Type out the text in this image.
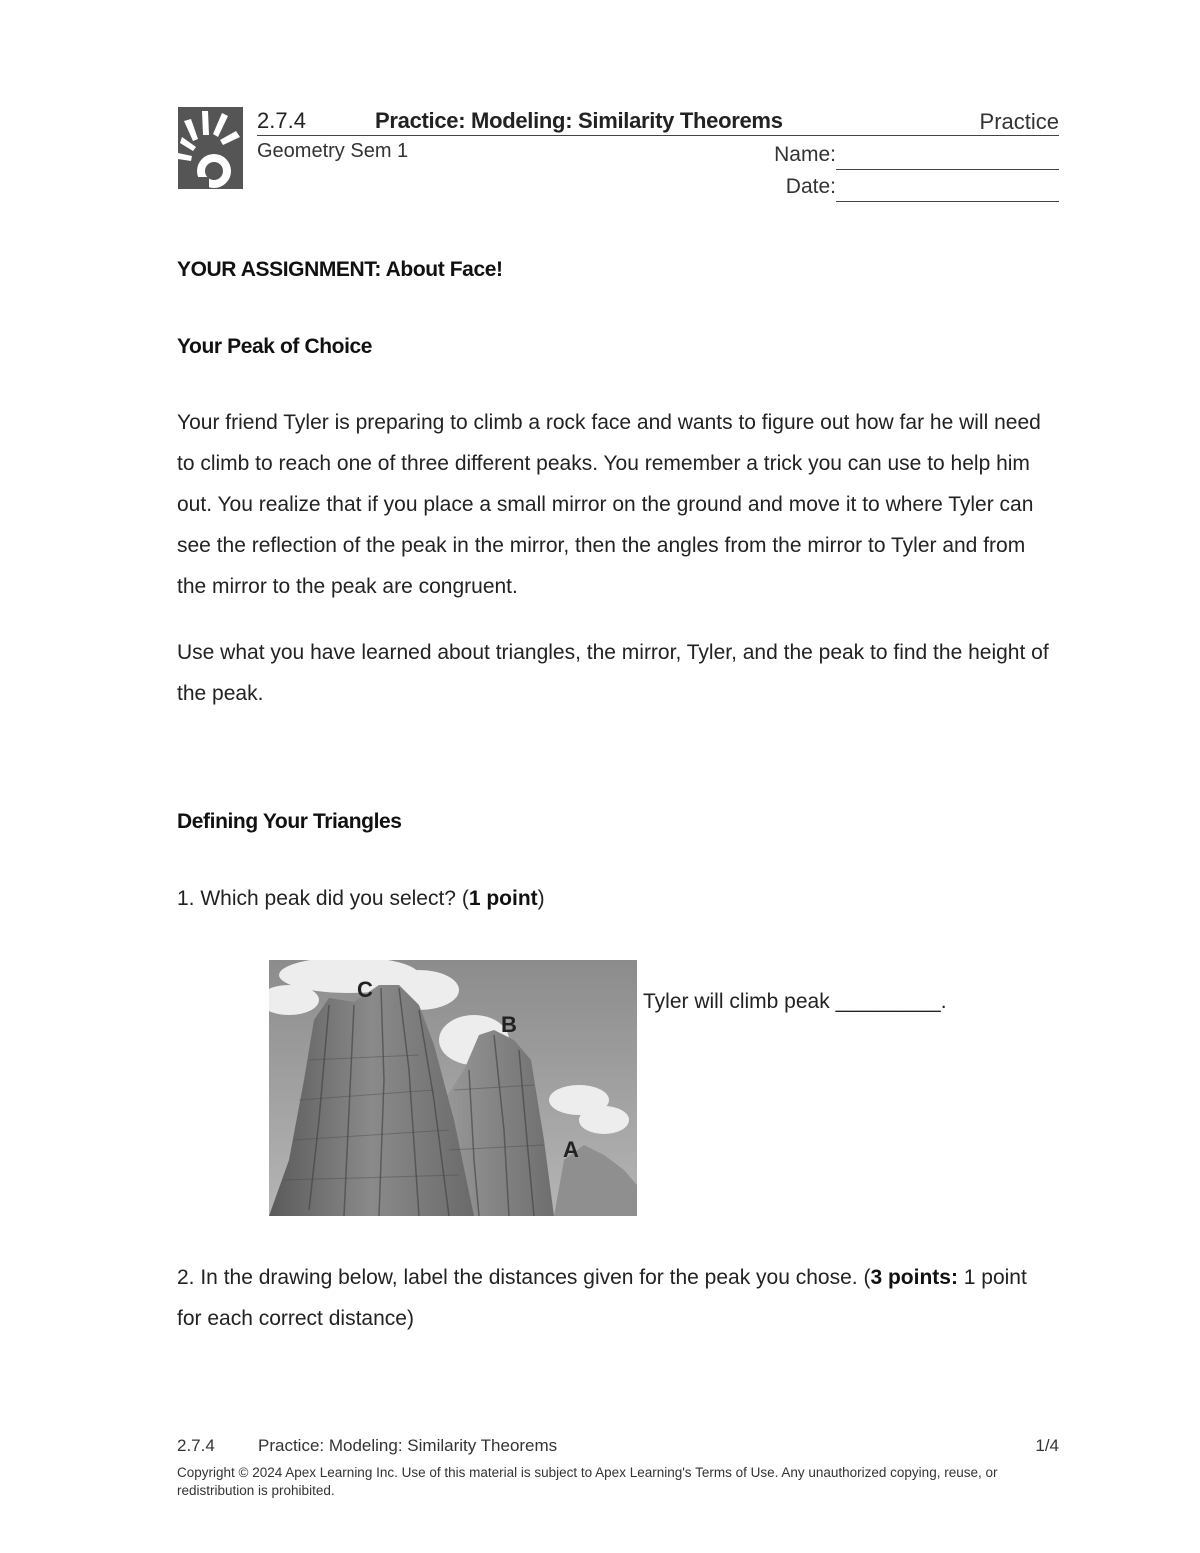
2.7.4	Practice: Modeling: Similarity Theorems	Practice
Geometry Sem 1	Name:
Date:
YOUR ASSIGNMENT: About Face!
Your Peak of Choice
Your friend Tyler is preparing to climb a rock face and wants to figure out how far he will need to climb to reach one of three different peaks. You remember a trick you can use to help him out. You realize that if you place a small mirror on the ground and move it to where Tyler can see the reflection of the peak in the mirror, then the angles from the mirror to Tyler and from the mirror to the peak are congruent.
Use what you have learned about triangles, the mirror, Tyler, and the peak to find the height of the peak.
Defining Your Triangles
1. Which peak did you select? (1 point)
C
B
A
Tyler will climb peak _________.
2. In the drawing below, label the distances given for the peak you chose. (3 points: 1 point for each correct distance)
2.7.4	Practice: Modeling: Similarity Theorems	1/4
Copyright © 2024 Apex Learning Inc. Use of this material is subject to Apex Learning's Terms of Use. Any unauthorized copying, reuse, or redistribution is prohibited.
